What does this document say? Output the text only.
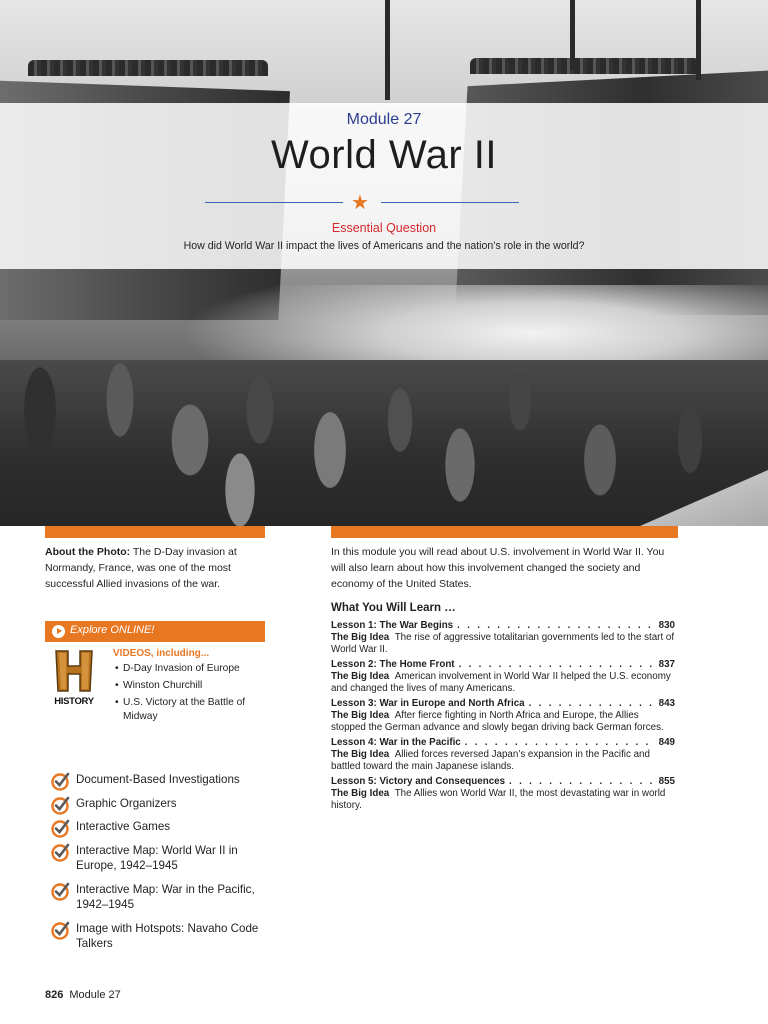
Module 27
World War II
★
Essential Question
How did World War II impact the lives of Americans and the nation’s role in the world?
About the Photo: The D-Day invasion at Normandy, France, was one of the most successful Allied invasions of the war.
Explore ONLINE!
HISTORY
VIDEOS, including...
• D-Day Invasion of Europe
• Winston Churchill
• U.S. Victory at the Battle of Midway
Document-Based Investigations
Graphic Organizers
Interactive Games
Interactive Map: World War II in Europe, 1942–1945
Interactive Map: War in the Pacific, 1942–1945
Image with Hotspots: Navaho Code Talkers
In this module you will read about U.S. involvement in World War II. You will also learn about how this involvement changed the society and economy of the United States.
What You Will Learn …
Lesson 1: The War Begins . . .	830
The Big Idea The rise of aggressive totalitarian governments led to the start of World War II.
Lesson 2: The Home Front . . .	837
The Big Idea American involvement in World War II helped the U.S. economy and changed the lives of many Americans.
Lesson 3: War in Europe and North Africa . . .	843
The Big Idea After fierce fighting in North Africa and Europe, the Allies stopped the German advance and slowly began driving back German forces.
Lesson 4: War in the Pacific . . .	849
The Big Idea Allied forces reversed Japan’s expansion in the Pacific and battled toward the main Japanese islands.
Lesson 5: Victory and Consequences . . .	855
The Big Idea The Allies won World War II, the most devastating war in world history.
826 Module 27
